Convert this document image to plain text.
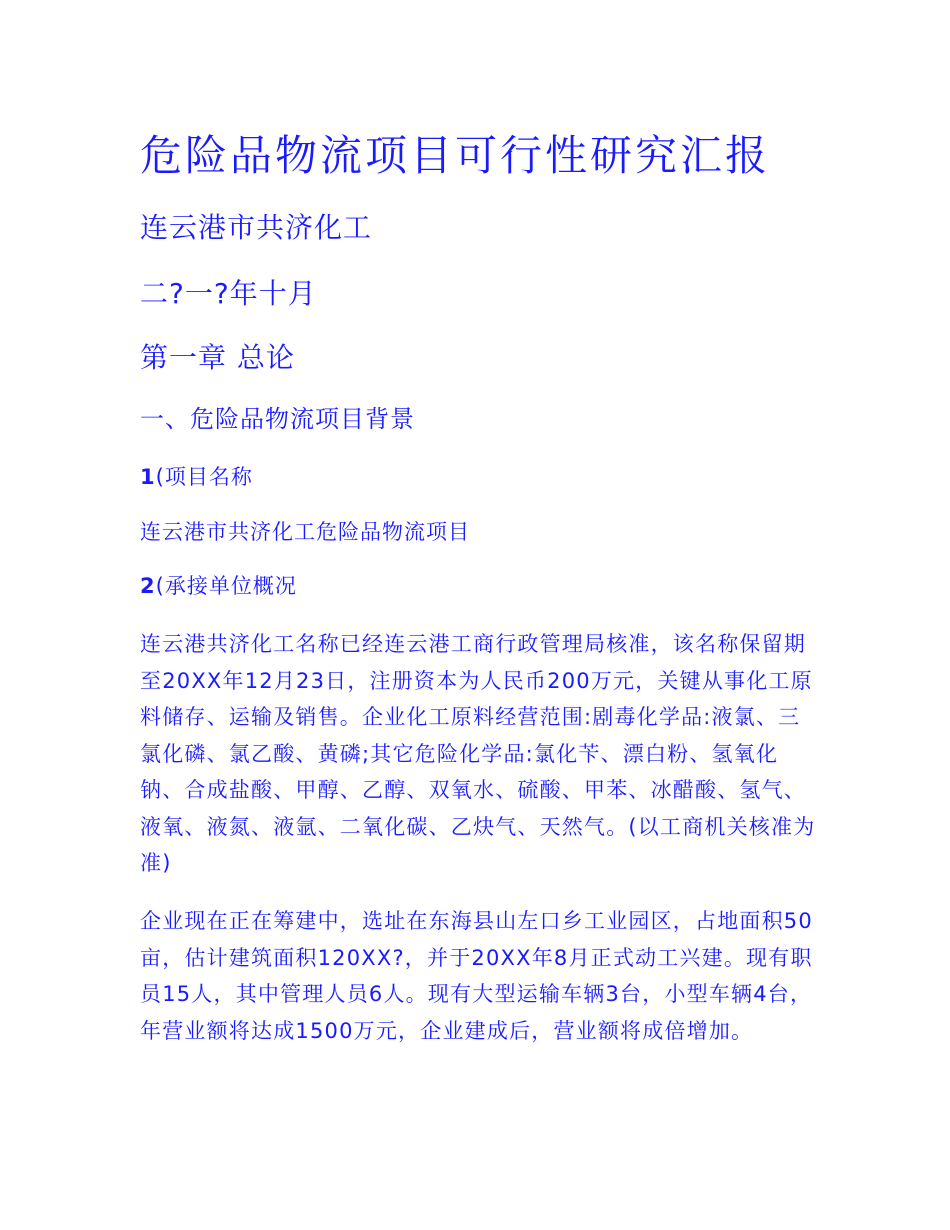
危险品物流项目可行性研究汇报
连云港市共济化工
二?一?年十月
第一章 总论
一、危险品物流项目背景
1(项目名称
连云港市共济化工危险品物流项目
2(承接单位概况
连云港共济化工名称已经连云港工商行政管理局核准，该名称保留期至20XX年12月23日，注册资本为人民币200万元，关键从事化工原料储存、运输及销售。企业化工原料经营范围:剧毒化学品:液氯、三氯化磷、氯乙酸、黄磷;其它危险化学品:氯化苄、漂白粉、氢氧化钠、合成盐酸、甲醇、乙醇、双氧水、硫酸、甲苯、冰醋酸、氢气、液氧、液氮、液氩、二氧化碳、乙炔气、天然气。(以工商机关核准为准)
企业现在正在筹建中，选址在东海县山左口乡工业园区，占地面积50亩，估计建筑面积120XX?，并于20XX年8月正式动工兴建。现有职员15人，其中管理人员6人。现有大型运输车辆3台，小型车辆4台，年营业额将达成1500万元，企业建成后，营业额将成倍增加。
